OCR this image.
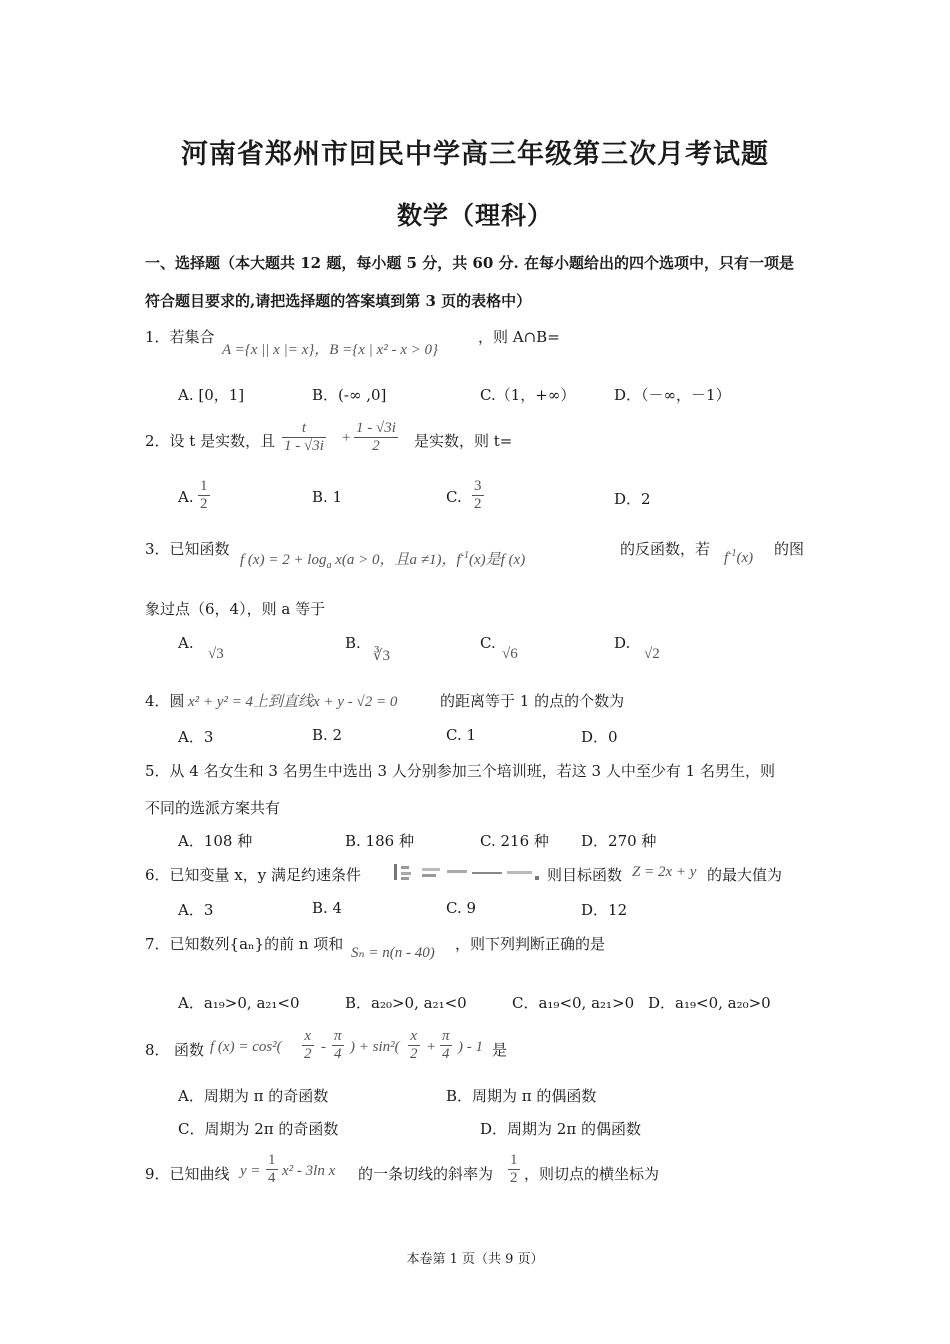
河南省郑州市回民中学高三年级第三次月考试题
数学（理科）
一、选择题（本大题共 12 题，每小题 5 分，共 60 分. 在每小题给出的四个选项中，只有一项是
符合题目要求的,请把选择题的答案填到第 3 页的表格中）
1．若集合
A ={x || x |= x}，B ={x | x² - x > 0}
，则 A∩B=
A. [0，1]	B．(-∞ ,0]	C.（1，+∞）	D．（－∞，－1）
2．设 t 是实数，且 $\frac{t}{1 - √3i} + \frac{1 - √3i}{2}$ 是实数，则 t=
A. $\frac{1}{2}$	B. 1	C. $\frac{3}{2}$	D．2
3．已知函数
f $(x) = 2 + \log_a x(a > 0$，且a ≠1)，$f^{-1}(x)$是f (x)
的反函数，若 $f^{-1}(x)$ 的图
象过点（6，4），则 a 等于
A.
√3
B.
∛3
C.
√6
D.
√2
4．圆 x² + y² = 4上到直线x + y - √2 = 0	的距离等于 1 的点的个数为
A．3	B. 2	C. 1	D．0
5．从 4 名女生和 3 名男生中选出 3 人分别参加三个培训班，若这 3 人中至少有 1 名男生，则
不同的选派方案共有
A．108 种	B. 186 种	C. 216 种 D．270 种
6．已知变量 x，y 满足约速条件	则目标函数 Z = 2x + y 的最大值为
A．3	B. 4	C. 9	D．12
7．已知数列{aₙ}的前 n 项和 Sₙ = n(n - 40) ，则下列判断正确的是
A．a₁₉>0, a₂₁<0	B．a₂₀>0, a₂₁<0	C．a₁₉<0, a₂₁>0 D．a₁₉<0, a₂₀>0
8． 函数 f $(x) = \cos^2( \frac{x}{2} - \frac{\pi}{4}$ ) + $\sin^2( \frac{x}{2} + \frac{\pi}{4}$ ) - 1 是
A．周期为 π 的奇函数	B．周期为 π 的偶函数
C．周期为 2π 的奇函数	D．周期为 2π 的偶函数
9．已知曲线 $y = \frac{1}{4} x^2 - 3\ln$ x 的一条切线的斜率为 $\frac{1}{2}$ ，则切点的横坐标为
本卷第 1 页（共 9 页）
